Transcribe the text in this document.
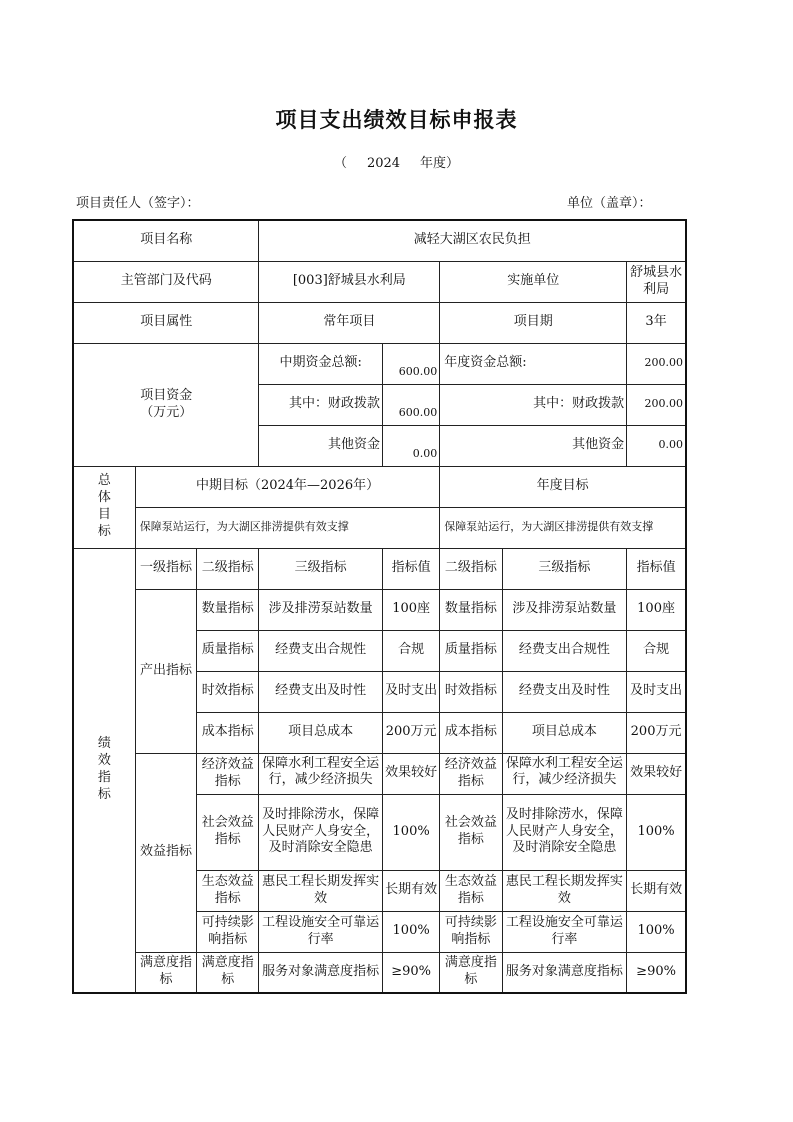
项目支出绩效目标申报表
（ 2024 年度）
项目责任人（签字）：	单位（盖章）：
项目名称			减轻大湖区农民负担				
主管部门及代码			[003]舒城县水利局		实施单位		舒城县水利局
项目属性			常年项目		项目期		3年

项目资金
（万元）			中期资金总额:	600.00	年度资金总额:		200.00
			其中：财政拨款	600.00	其中：财政拨款		200.00
			其他资金	0.00	其他资金		0.00

总
体
目
标	中期目标（2024年—2026年）				年度目标		
	保障泵站运行，为大湖区排涝提供有效支撑				保障泵站运行，为大湖区排涝提供有效支撑		

绩
效
指
标	一级指标	二级指标	三级指标	指标值	二级指标	三级指标	指标值
	产出指标	数量指标	涉及排涝泵站数量	100座	数量指标	涉及排涝泵站数量	100座
		质量指标	经费支出合规性	合规	质量指标	经费支出合规性	合规
		时效指标	经费支出及时性	及时支出	时效指标	经费支出及时性	及时支出
		成本指标	项目总成本	200万元	成本指标	项目总成本	200万元
	效益指标	经济效益指标	保障水利工程安全运行，减少经济损失	效果较好	经济效益指标	保障水利工程安全运行，减少经济损失	效果较好
		社会效益指标	及时排除涝水，保障人民财产人身安全，及时消除安全隐患	100%	社会效益指标	及时排除涝水，保障人民财产人身安全，及时消除安全隐患	100%
		生态效益指标	惠民工程长期发挥实效	长期有效	生态效益指标	惠民工程长期发挥实效	长期有效
		可持续影响指标	工程设施安全可靠运行率	100%	可持续影响指标	工程设施安全可靠运行率	100%
	满意度指标	满意度指标	服务对象满意度指标	≥90%	满意度指标	服务对象满意度指标	≥90%
